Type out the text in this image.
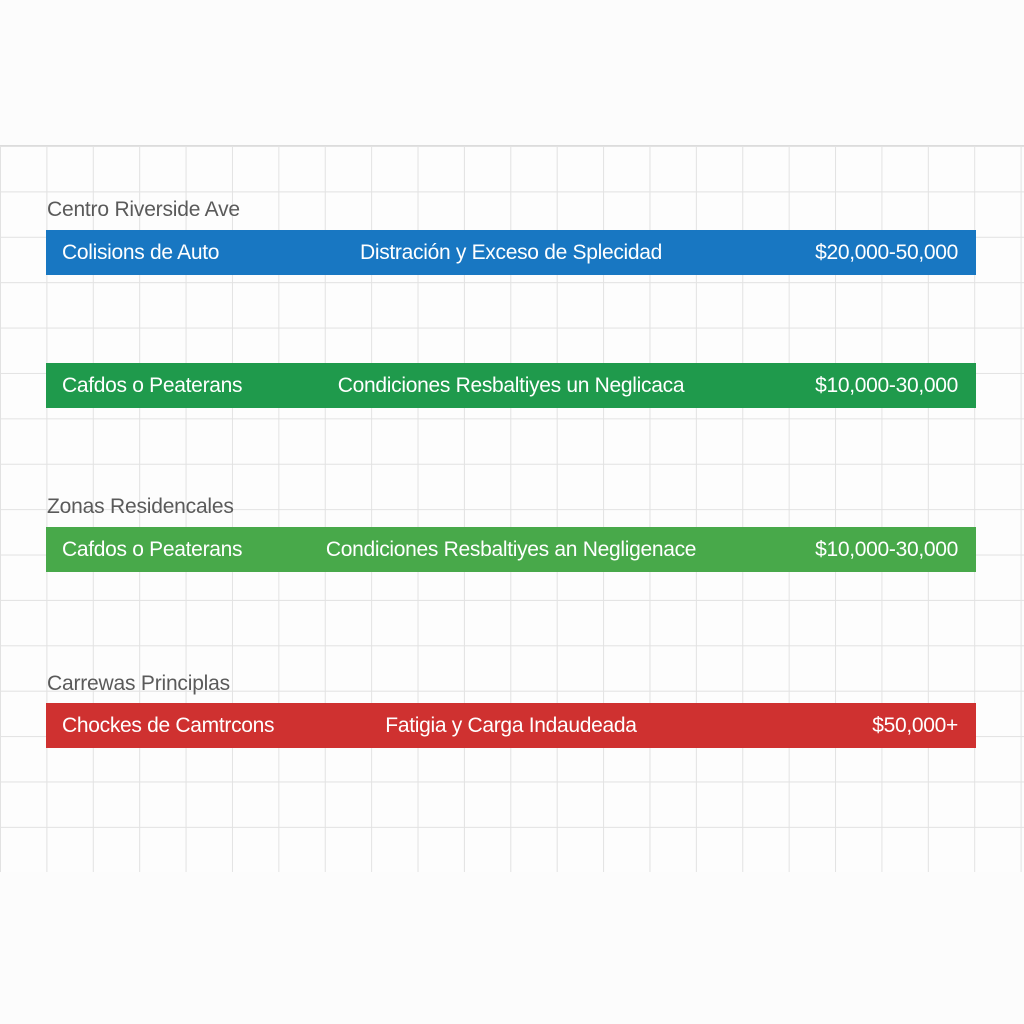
Centro Riverside Ave
Colisions de Auto	Distración y Exceso de Splecidad	$20,000-50,000
Cafdos o Peaterans	Condiciones Resbaltiyes un Neglicaca	$10,000-30,000
Zonas Residencales
Cafdos o Peaterans	Condiciones Resbaltiyes an Negligenace	$10,000-30,000
Carrewas Principlas
Chockes de Camtrcons	Fatigia y Carga Indaudeada	$50,000+
